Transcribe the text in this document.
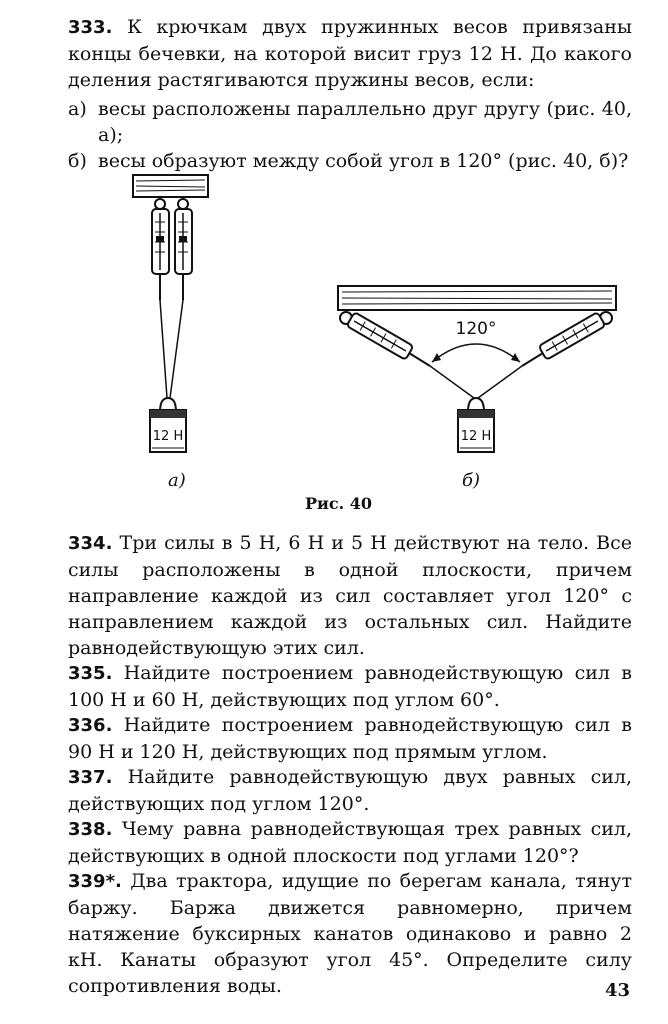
333. К крючкам двух пружинных весов привязаны концы бечевки, на которой висит груз 12 Н. До какого деления растягиваются пружины весов, если:

а) весы расположены параллельно друг другу (рис. 40, а);

б) весы образуют между собой угол в 120° (рис. 40, б)?

12 Н
120°
12 Н
а)	б)
Рис. 40

334. Три силы в 5 Н, 6 Н и 5 Н действуют на тело. Все силы расположены в одной плоскости, причем направление каждой из сил составляет угол 120° с направлением каждой из остальных сил. Найдите равнодействующую этих сил.

335. Найдите построением равнодействующую сил в 100 Н и 60 Н, действующих под углом 60°.

336. Найдите построением равнодействующую сил в 90 Н и 120 Н, действующих под прямым углом.

337. Найдите равнодействующую двух равных сил, действующих под углом 120°.

338. Чему равна равнодействующая трех равных сил, действующих в одной плоскости под углами 120°?

339*. Два трактора, идущие по берегам канала, тянут баржу. Баржа движется равномерно, причем натяжение буксирных канатов одинаково и равно 2 кН. Канаты образуют угол 45°. Определите силу сопротивления воды.	43
